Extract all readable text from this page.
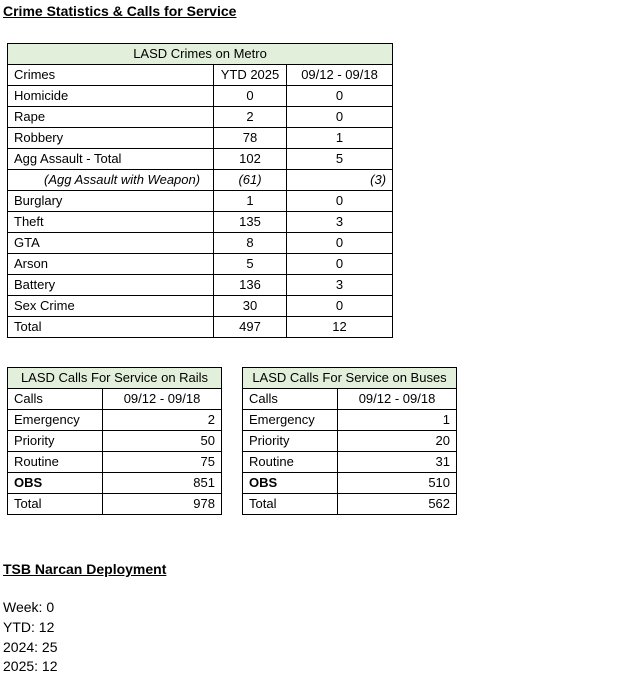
Crime Statistics & Calls for Service
LASD Crimes on Metro		
Crimes	YTD 2025	09/12 - 09/18
Homicide	0	0
Rape	2	0
Robbery	78	1
Agg Assault - Total	102	5
(Agg Assault with Weapon)	(61)	(3)
Burglary	1	0
Theft	135	3
GTA	8	0
Arson	5	0
Battery	136	3
Sex Crime	30	0
Total	497	12
LASD Calls For Service on Rails	
Calls	09/12 - 09/18
Emergency	2
Priority	50
Routine	75
OBS	851
Total	978
LASD Calls For Service on Buses	
Calls	09/12 - 09/18
Emergency	1
Priority	20
Routine	31
OBS	510
Total	562
TSB Narcan Deployment
Week: 0
YTD: 12
2024: 25
2025: 12
